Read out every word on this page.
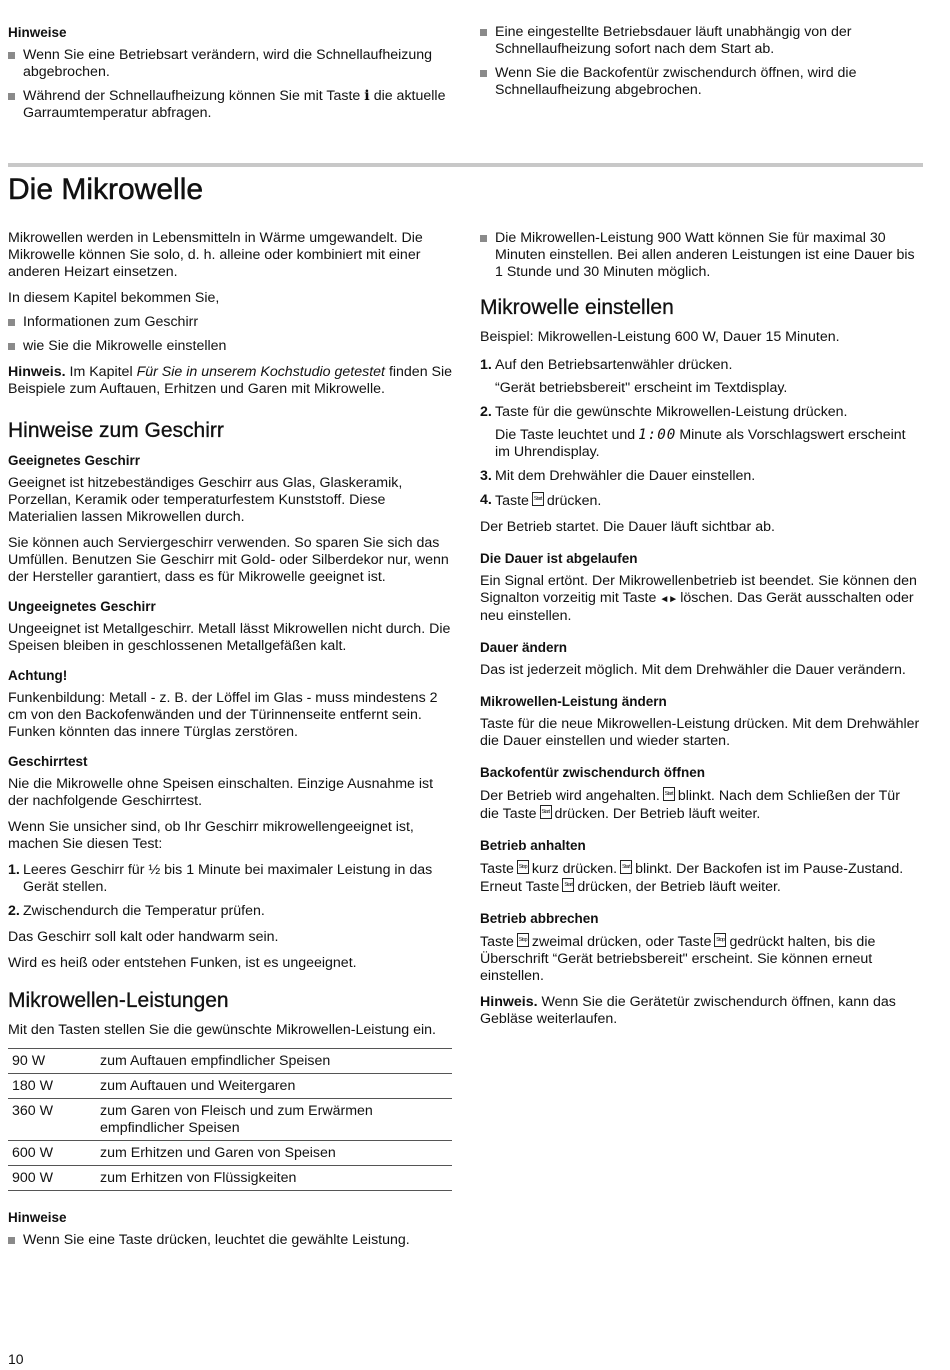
Hinweise
Wenn Sie eine Betriebsart verändern, wird die Schnellaufheizung abgebrochen.
Während der Schnellaufheizung können Sie mit Taste i die aktuelle Garraumtemperatur abfragen.
Eine eingestellte Betriebsdauer läuft unabhängig von der Schnellaufheizung sofort nach dem Start ab.
Wenn Sie die Backofentür zwischendurch öffnen, wird die Schnellaufheizung abgebrochen.
Die Mikrowelle

Mikrowellen werden in Lebensmitteln in Wärme umgewandelt. Die Mikrowelle können Sie solo, d. h. alleine oder kombiniert mit einer anderen Heizart einsetzen.

In diesem Kapitel bekommen Sie,

Informationen zum Geschirr
wie Sie die Mikrowelle einstellen

Hinweis. Im Kapitel Für Sie in unserem Kochstudio getestet finden Sie Beispiele zum Auftauen, Erhitzen und Garen mit Mikrowelle.

Hinweise zum Geschirr
Geeignetes Geschirr

Geeignet ist hitzebeständiges Geschirr aus Glas, Glaskeramik, Porzellan, Keramik oder temperaturfestem Kunststoff. Diese Materialien lassen Mikrowellen durch.

Sie können auch Serviergeschirr verwenden. So sparen Sie sich das Umfüllen. Benutzen Sie Geschirr mit Gold- oder Silberdekor nur, wenn der Hersteller garantiert, dass es für Mikrowelle geeignet ist.

Ungeeignetes Geschirr

Ungeeignet ist Metallgeschirr. Metall lässt Mikrowellen nicht durch. Die Speisen bleiben in geschlossenen Metallgefäßen kalt.

Achtung!

Funkenbildung: Metall - z. B. der Löffel im Glas - muss mindestens 2 cm von den Backofenwänden und der Türinnenseite entfernt sein. Funken könnten das innere Türglas zerstören.

Geschirrtest

Nie die Mikrowelle ohne Speisen einschalten. Einzige Ausnahme ist der nachfolgende Geschirrtest.

Wenn Sie unsicher sind, ob Ihr Geschirr mikrowellengeeignet ist, machen Sie diesen Test:

1. Leeres Geschirr für ½ bis 1 Minute bei maximaler Leistung in das Gerät stellen.
2. Zwischendurch die Temperatur prüfen.

Das Geschirr soll kalt oder handwarm sein.

Wird es heiß oder entstehen Funken, ist es ungeeignet.

Mikrowellen-Leistungen

Mit den Tasten stellen Sie die gewünschte Mikrowellen-Leistung ein.

90 W	zum Auftauen empfindlicher Speisen
180 W	zum Auftauen und Weitergaren
360 W	zum Garen von Fleisch und zum Erwärmen empfindlicher Speisen
600 W	zum Erhitzen und Garen von Speisen
900 W	zum Erhitzen von Flüssigkeiten
Hinweise
Wenn Sie eine Taste drücken, leuchtet die gewählte Leistung.
Die Mikrowellen-Leistung 900 Watt können Sie für maximal 30 Minuten einstellen. Bei allen anderen Leistungen ist eine Dauer bis 1 Stunde und 30 Minuten möglich.
Mikrowelle einstellen

Beispiel: Mikrowellen-Leistung 600 W, Dauer 15 Minuten.

1. Auf den Betriebsartenwähler drücken.
“Gerät betriebsbereit" erscheint im Textdisplay.
2. Taste für die gewünschte Mikrowellen-Leistung drücken.
Die Taste leuchtet und 1:00 Minute als Vorschlagswert erscheint im Uhrendisplay.
3. Mit dem Drehwähler die Dauer einstellen.
4. Taste Start drücken.

Der Betrieb startet. Die Dauer läuft sichtbar ab.

Die Dauer ist abgelaufen

Ein Signal ertönt. Der Mikrowellenbetrieb ist beendet. Sie können den Signalton vorzeitig mit Taste ◄► löschen. Das Gerät ausschalten oder neu einstellen.

Dauer ändern

Das ist jederzeit möglich. Mit dem Drehwähler die Dauer verändern.

Mikrowellen-Leistung ändern

Taste für die neue Mikrowellen-Leistung drücken. Mit dem Drehwähler die Dauer einstellen und wieder starten.

Backofentür zwischendurch öffnen

Der Betrieb wird angehalten. Start blinkt. Nach dem Schließen der Tür die Taste Start drücken. Der Betrieb läuft weiter.

Betrieb anhalten

Taste Stop kurz drücken. Start blinkt. Der Backofen ist im Pause-Zustand. Erneut Taste Start drücken, der Betrieb läuft weiter.

Betrieb abbrechen

Taste Stop zweimal drücken, oder Taste Stop gedrückt halten, bis die Überschrift “Gerät betriebsbereit" erscheint. Sie können erneut einstellen.

Hinweis. Wenn Sie die Gerätetür zwischendurch öffnen, kann das Gebläse weiterlaufen.

10
